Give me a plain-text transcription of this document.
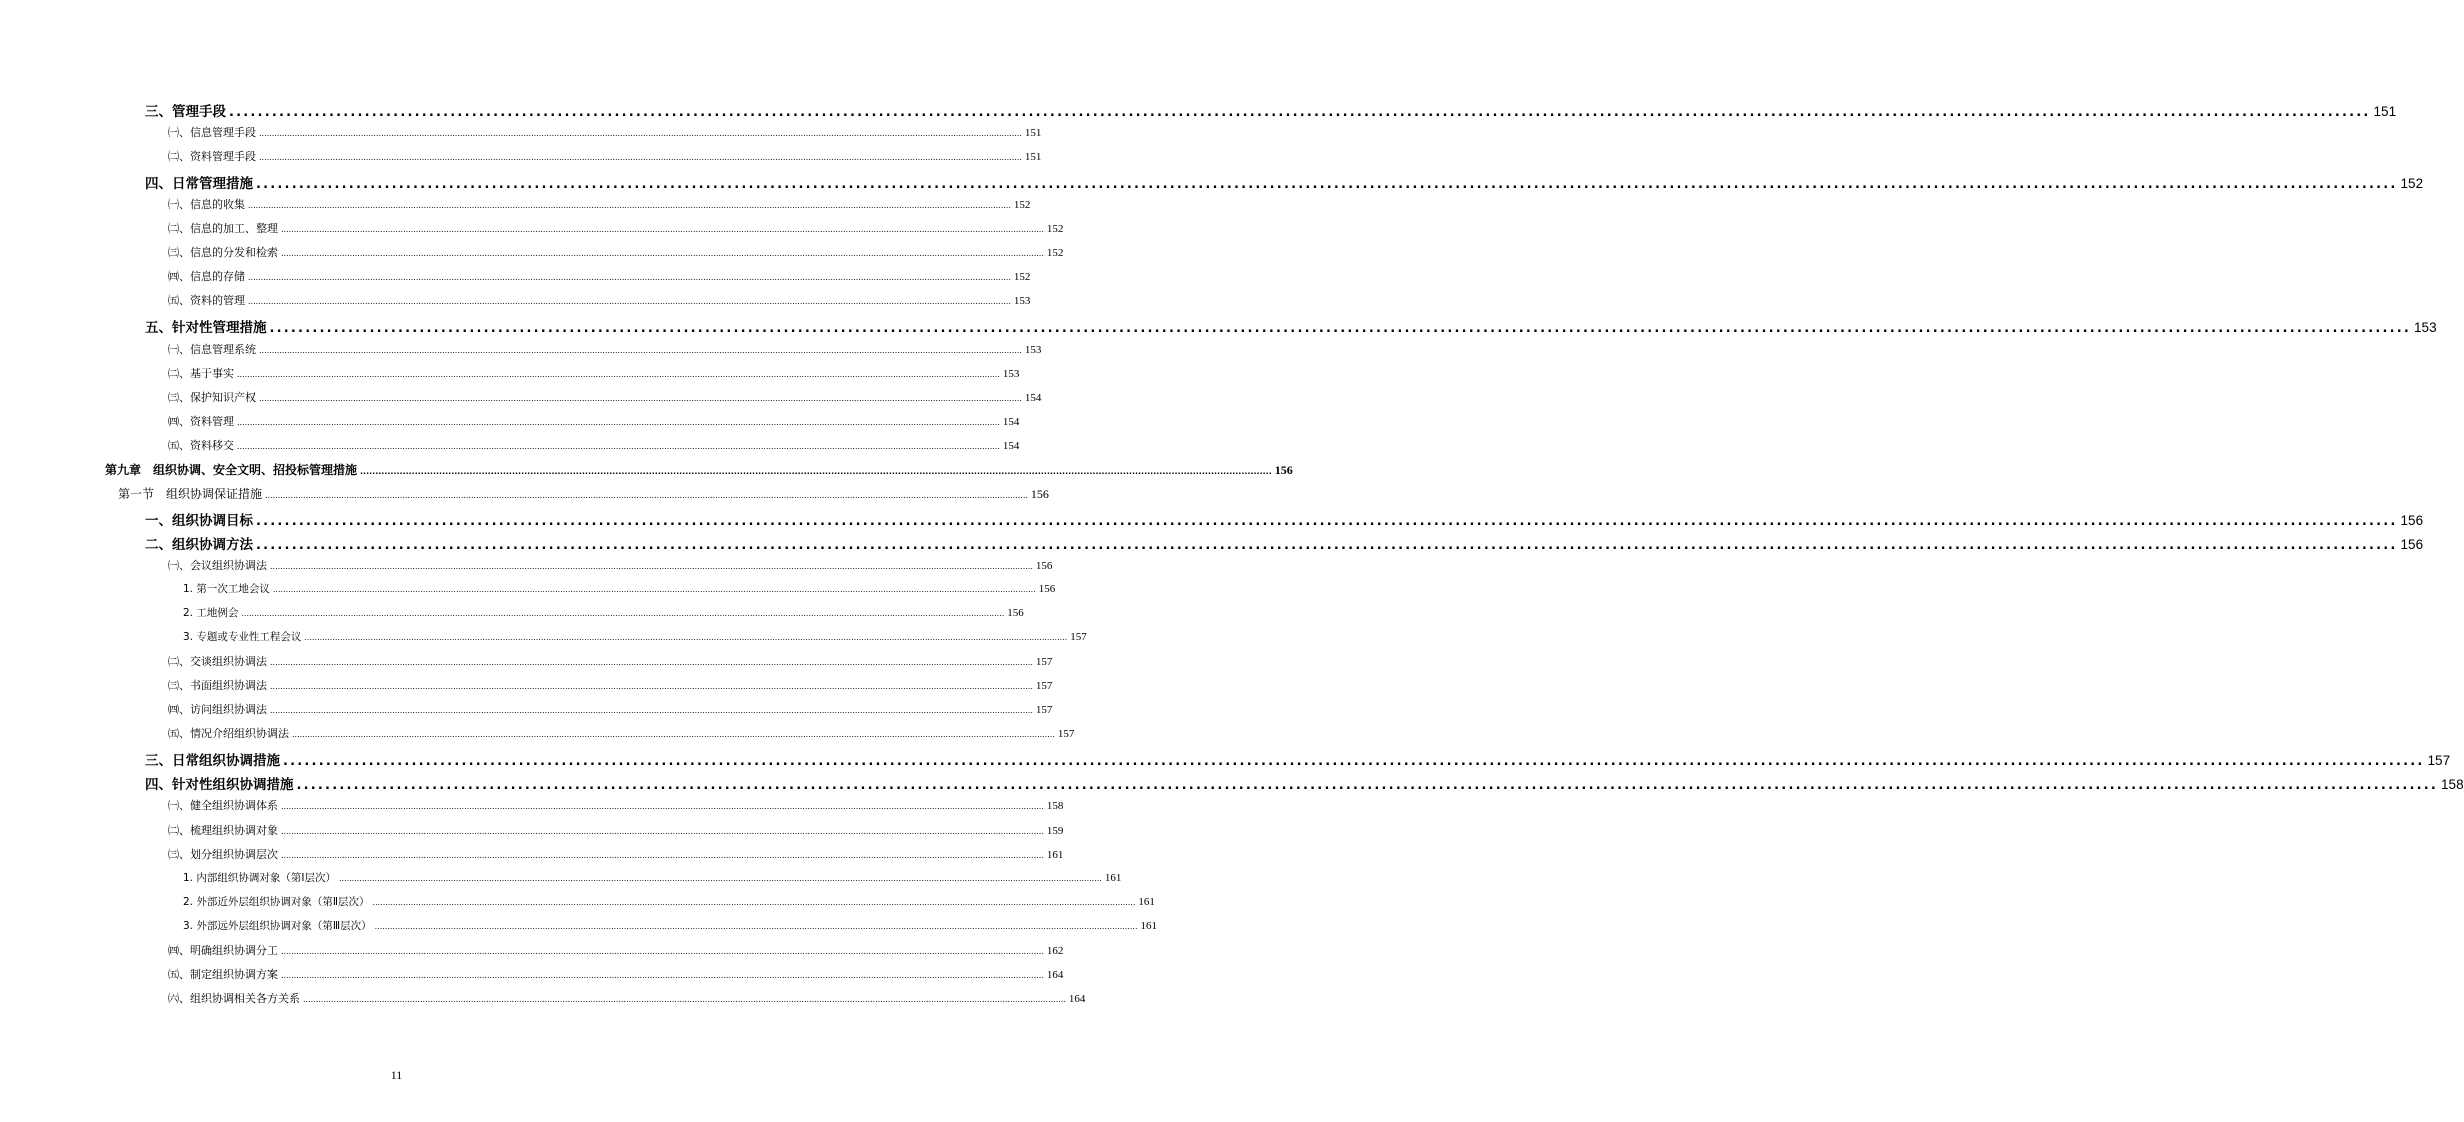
三、管理手段 ............................................................................................................................................................................................................................................................................................................ 151
㈠、信息管理手段 ............................................................................................................................................................................................................................................................................................................ 151
㈡、资料管理手段 ............................................................................................................................................................................................................................................................................................................ 151
四、日常管理措施 ............................................................................................................................................................................................................................................................................................................ 152
㈠、信息的收集 ............................................................................................................................................................................................................................................................................................................ 152
㈡、信息的加工、整理 ............................................................................................................................................................................................................................................................................................................ 152
㈢、信息的分发和检索 ............................................................................................................................................................................................................................................................................................................ 152
㈣、信息的存储 ............................................................................................................................................................................................................................................................................................................ 152
㈤、资料的管理 ............................................................................................................................................................................................................................................................................................................ 153
五、针对性管理措施 ............................................................................................................................................................................................................................................................................................................ 153
㈠、信息管理系统 ............................................................................................................................................................................................................................................................................................................ 153
㈡、基于事实 ............................................................................................................................................................................................................................................................................................................ 153
㈢、保护知识产权 ............................................................................................................................................................................................................................................................................................................ 154
㈣、资料管理 ............................................................................................................................................................................................................................................................................................................ 154
㈤、资料移交 ............................................................................................................................................................................................................................................................................................................ 154
第九章　组织协调、安全文明、招投标管理措施 ............................................................................................................................................................................................................................................................................................................ 156
第一节　组织协调保证措施 ............................................................................................................................................................................................................................................................................................................ 156
一、组织协调目标 ............................................................................................................................................................................................................................................................................................................ 156
二、组织协调方法 ............................................................................................................................................................................................................................................................................................................ 156
㈠、会议组织协调法 ............................................................................................................................................................................................................................................................................................................ 156
1. 第一次工地会议 ............................................................................................................................................................................................................................................................................................................ 156
2. 工地例会 ............................................................................................................................................................................................................................................................................................................ 156
3. 专题或专业性工程会议 ............................................................................................................................................................................................................................................................................................................ 157
㈡、交谈组织协调法 ............................................................................................................................................................................................................................................................................................................ 157
㈢、书面组织协调法 ............................................................................................................................................................................................................................................................................................................ 157
㈣、访问组织协调法 ............................................................................................................................................................................................................................................................................................................ 157
㈤、情况介绍组织协调法 ............................................................................................................................................................................................................................................................................................................ 157
三、日常组织协调措施 ............................................................................................................................................................................................................................................................................................................ 157
四、针对性组织协调措施 ............................................................................................................................................................................................................................................................................................................ 158
㈠、健全组织协调体系 ............................................................................................................................................................................................................................................................................................................ 158
㈡、梳理组织协调对象 ............................................................................................................................................................................................................................................................................................................ 159
㈢、划分组织协调层次 ............................................................................................................................................................................................................................................................................................................ 161
1. 内部组织协调对象（第Ⅰ层次） ............................................................................................................................................................................................................................................................................................................ 161
2. 外部近外层组织协调对象（第Ⅱ层次） ............................................................................................................................................................................................................................................................................................................ 161
3. 外部远外层组织协调对象（第Ⅲ层次） ............................................................................................................................................................................................................................................................................................................ 161
㈣、明确组织协调分工 ............................................................................................................................................................................................................................................................................................................ 162
㈤、制定组织协调方案 ............................................................................................................................................................................................................................................................................................................ 164
㈥、组织协调相关各方关系 ............................................................................................................................................................................................................................................................................................................ 164
11
